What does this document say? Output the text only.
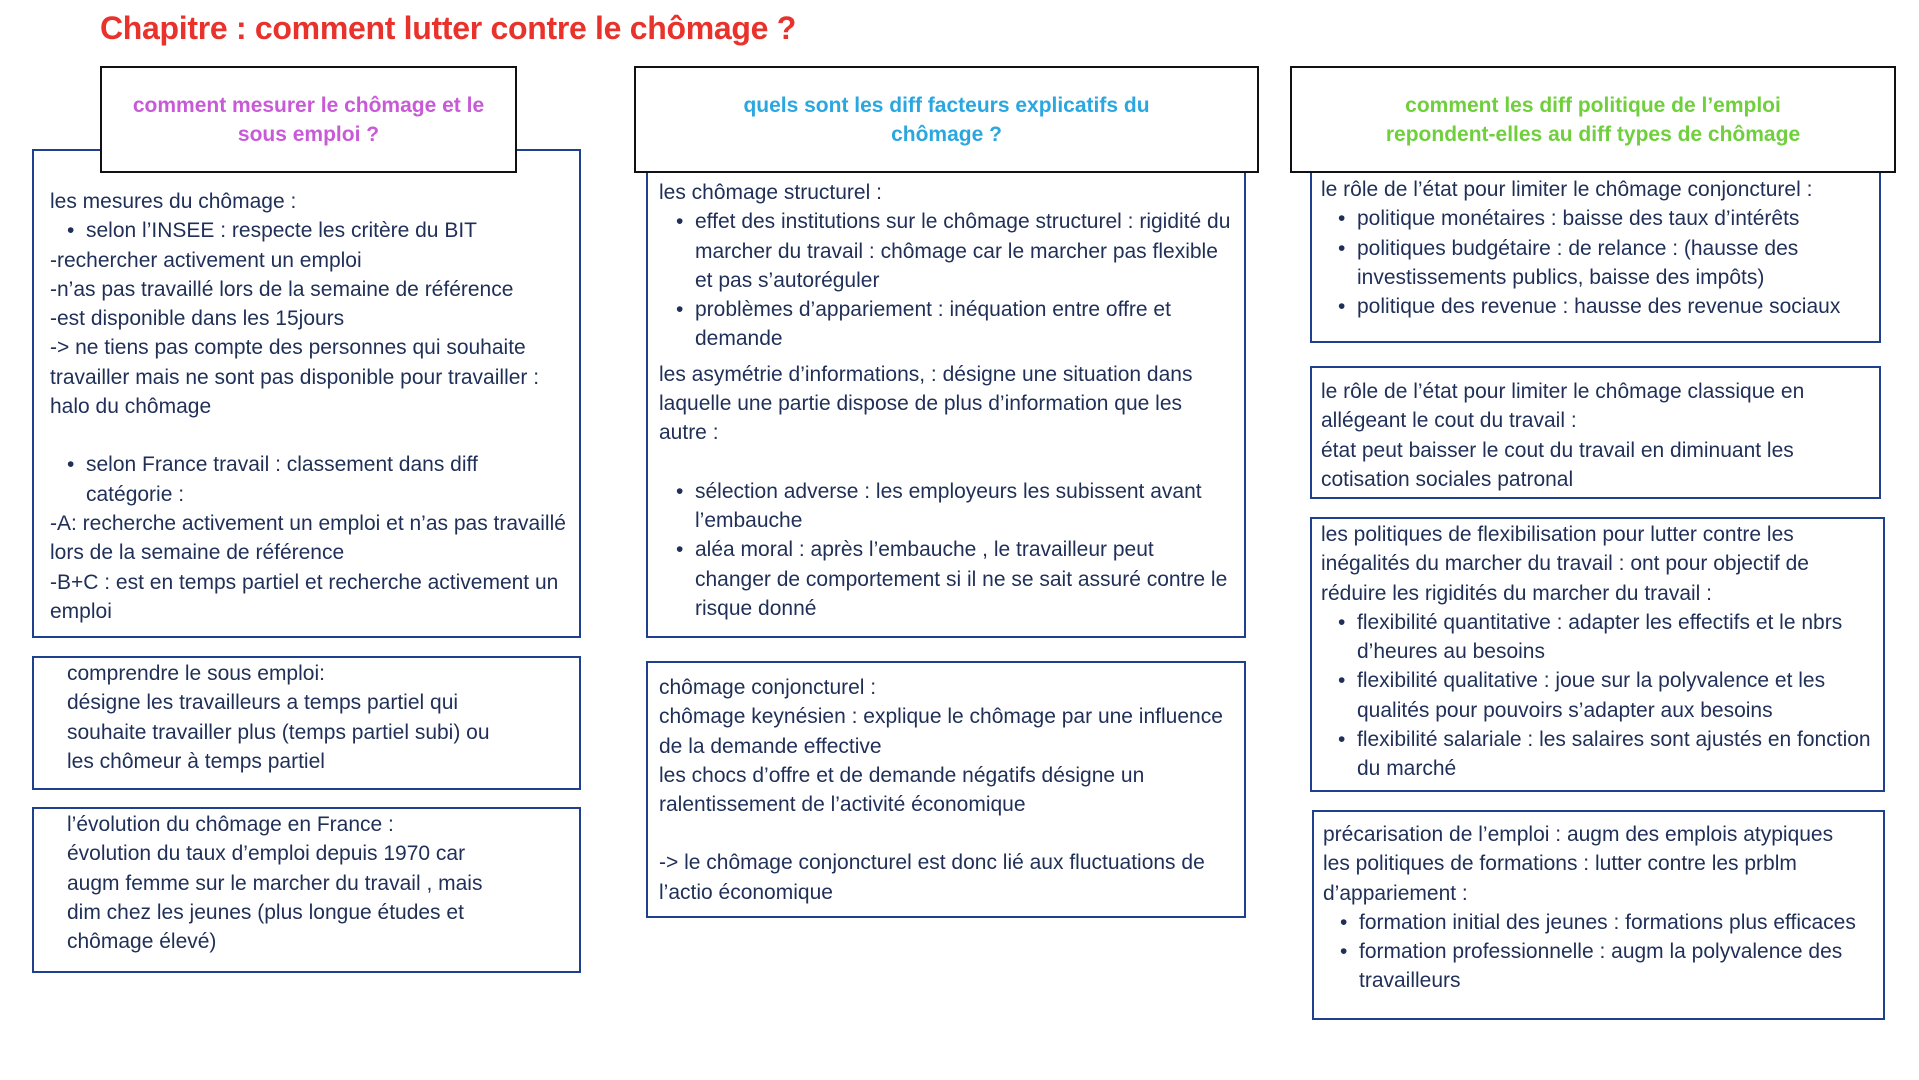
Chapitre : comment lutter contre le chômage ?
comment mesurer le chômage et le
sous emploi ?

les mesures du chômage :

• selon l’INSEE : respecte les critère du BIT

-rechercher activement un emploi

-n’as pas travaillé lors de la semaine de référence

-est disponible dans les 15jours

-> ne tiens pas compte des personnes qui souhaite travailler mais ne sont pas disponible pour travailler : halo du chômage

• selon France travail : classement dans diff catégorie :

-A: recherche activement un emploi et n’as pas travaillé lors de la semaine de référence

-B+C : est en temps partiel et recherche activement un emploi

comprendre le sous emploi:

désigne les travailleurs a temps partiel qui souhaite travailler plus (temps partiel subi) ou les chômeur à temps partiel

l’évolution du chômage en France :

évolution du taux d’emploi depuis 1970 car augm femme sur le marcher du travail , mais dim chez les jeunes (plus longue études et chômage élevé)

quels sont les diff facteurs explicatifs du
chômage ?

les chômage structurel :

• effet des institutions sur le chômage structurel : rigidité du marcher du travail : chômage car le marcher pas flexible et pas s’autoréguler
• problèmes d’appariement : inéquation entre offre et demande

les asymétrie d’informations, : désigne une situation dans laquelle une partie dispose de plus d’information que les autre :

• sélection adverse : les employeurs les subissent avant l’embauche
• aléa moral : après l’embauche , le travailleur peut changer de comportement si il ne se sait assuré contre le risque donné

chômage conjoncturel :

chômage keynésien : explique le chômage par une influence de la demande effective

les chocs d’offre et de demande négatifs désigne un ralentissement de l’activité économique

-> le chômage conjoncturel est donc lié aux fluctuations de l’actio économique

comment les diff politique de l’emploi
repondent-elles au diff types de chômage

le rôle de l’état pour limiter le chômage conjoncturel :

• politique monétaires : baisse des taux d’intérêts
• politiques budgétaire : de relance : (hausse des investissements publics, baisse des impôts)
• politique des revenue : hausse des revenue sociaux

le rôle de l’état pour limiter le chômage classique en allégeant le cout du travail :

état peut baisser le cout du travail en diminuant les cotisation sociales patronal

les politiques de flexibilisation pour lutter contre les inégalités du marcher du travail : ont pour objectif de réduire les rigidités du marcher du travail :

• flexibilité quantitative : adapter les effectifs et le nbrs d’heures au besoins
• flexibilité qualitative : joue sur la polyvalence et les qualités pour pouvoirs s’adapter aux besoins
• flexibilité salariale : les salaires sont ajustés en fonction du marché

précarisation de l’emploi : augm des emplois atypiques

les politiques de formations : lutter contre les prblm d’appariement :

• formation initial des jeunes : formations plus efficaces
• formation professionnelle : augm la polyvalence des travailleurs
